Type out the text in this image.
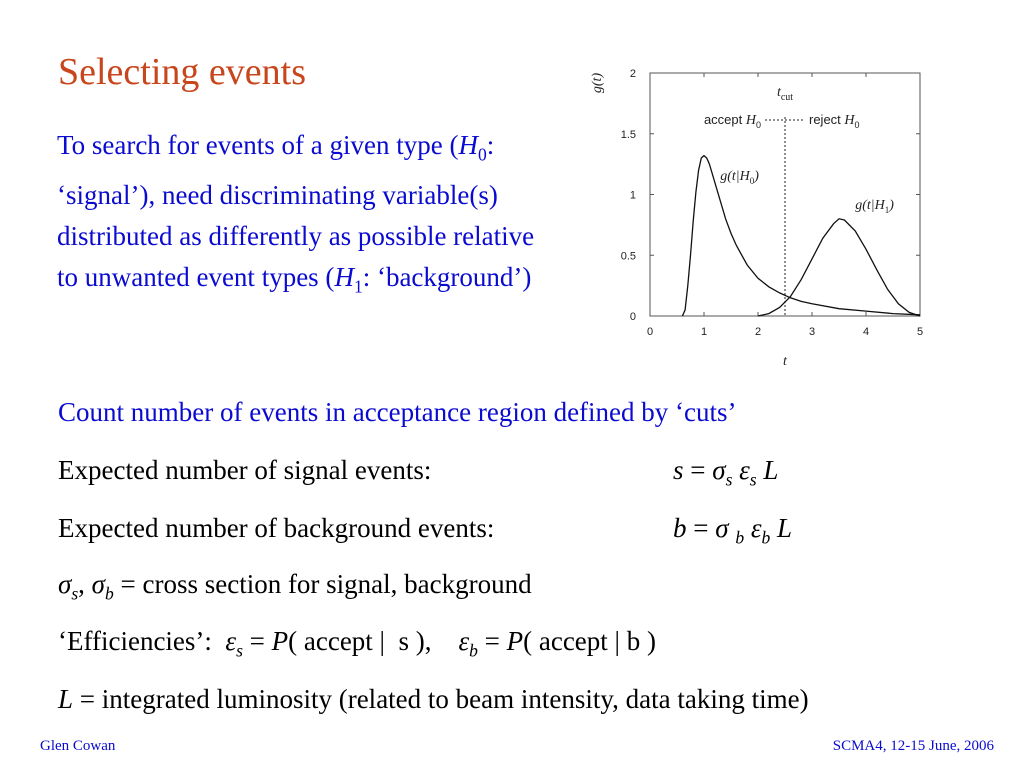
Selecting events
To search for events of a given type ($H_0$: ‘signal’), need discriminating variable(s) distributed as differently as possible relative to unwanted event types ($H_1$: ‘background’)
0	1	2	3	4	5
0
0.5
1
1.5
2
g(t)
t
$t_{cut}$
accept $H_0$	reject $H_0$
$g(t|H_0)$
$g(t|H_1)$
Count number of events in acceptance region defined by ‘cuts’
Expected number of signal events:	$s = \sigma_s$ $\varepsilon_s$ L
Expected number of background events:	b = σ $_b$ $\varepsilon_b$ L
$\sigma_s$, $\sigma_b$ = cross section for signal, background
‘Efficiencies’:  $\varepsilon_s = P$( accept |  s ),    $\varepsilon_b = P$( accept | b )
L = integrated luminosity (related to beam intensity, data taking time)
Glen Cowan	SCMA4, 12-15 June, 2006
